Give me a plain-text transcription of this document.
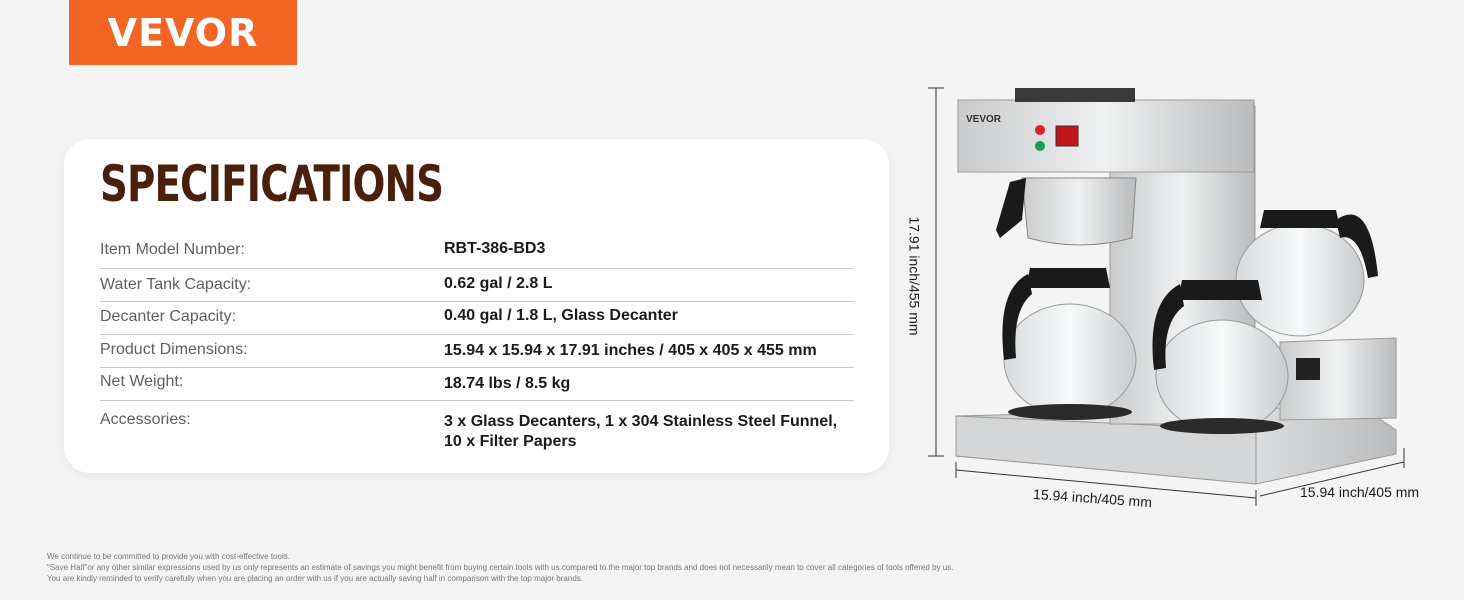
VEVOR
SPECIFICATIONS
Item Model Number:	RBT-386-BD3
Water Tank Capacity:	0.62 gal / 2.8 L
Decanter Capacity:	0.40 gal / 1.8 L, Glass Decanter
Product Dimensions:	15.94 x 15.94 x 17.91 inches / 405 x 405 x 455 mm
Net Weight:	18.74 lbs / 8.5 kg
Accessories:	3 x Glass Decanters, 1 x 304 Stainless Steel Funnel,
10 x Filter Papers
VEVOR
17.91 inch/455 mm
15.94 inch/405 mm	15.94 inch/405 mm
We continue to be committed to provide you with cost-effective tools.
"Save Half"or any other similar expressions used by us only represents an estimate of savings you might benefit from buying certain tools with us compared to the major top brands and does not necessarily mean to cover all categories of tools offered by us.
You are kindly reminded to verify carefully when you are placing an order with us if you are actually saving half in comparison with the top major brands.
